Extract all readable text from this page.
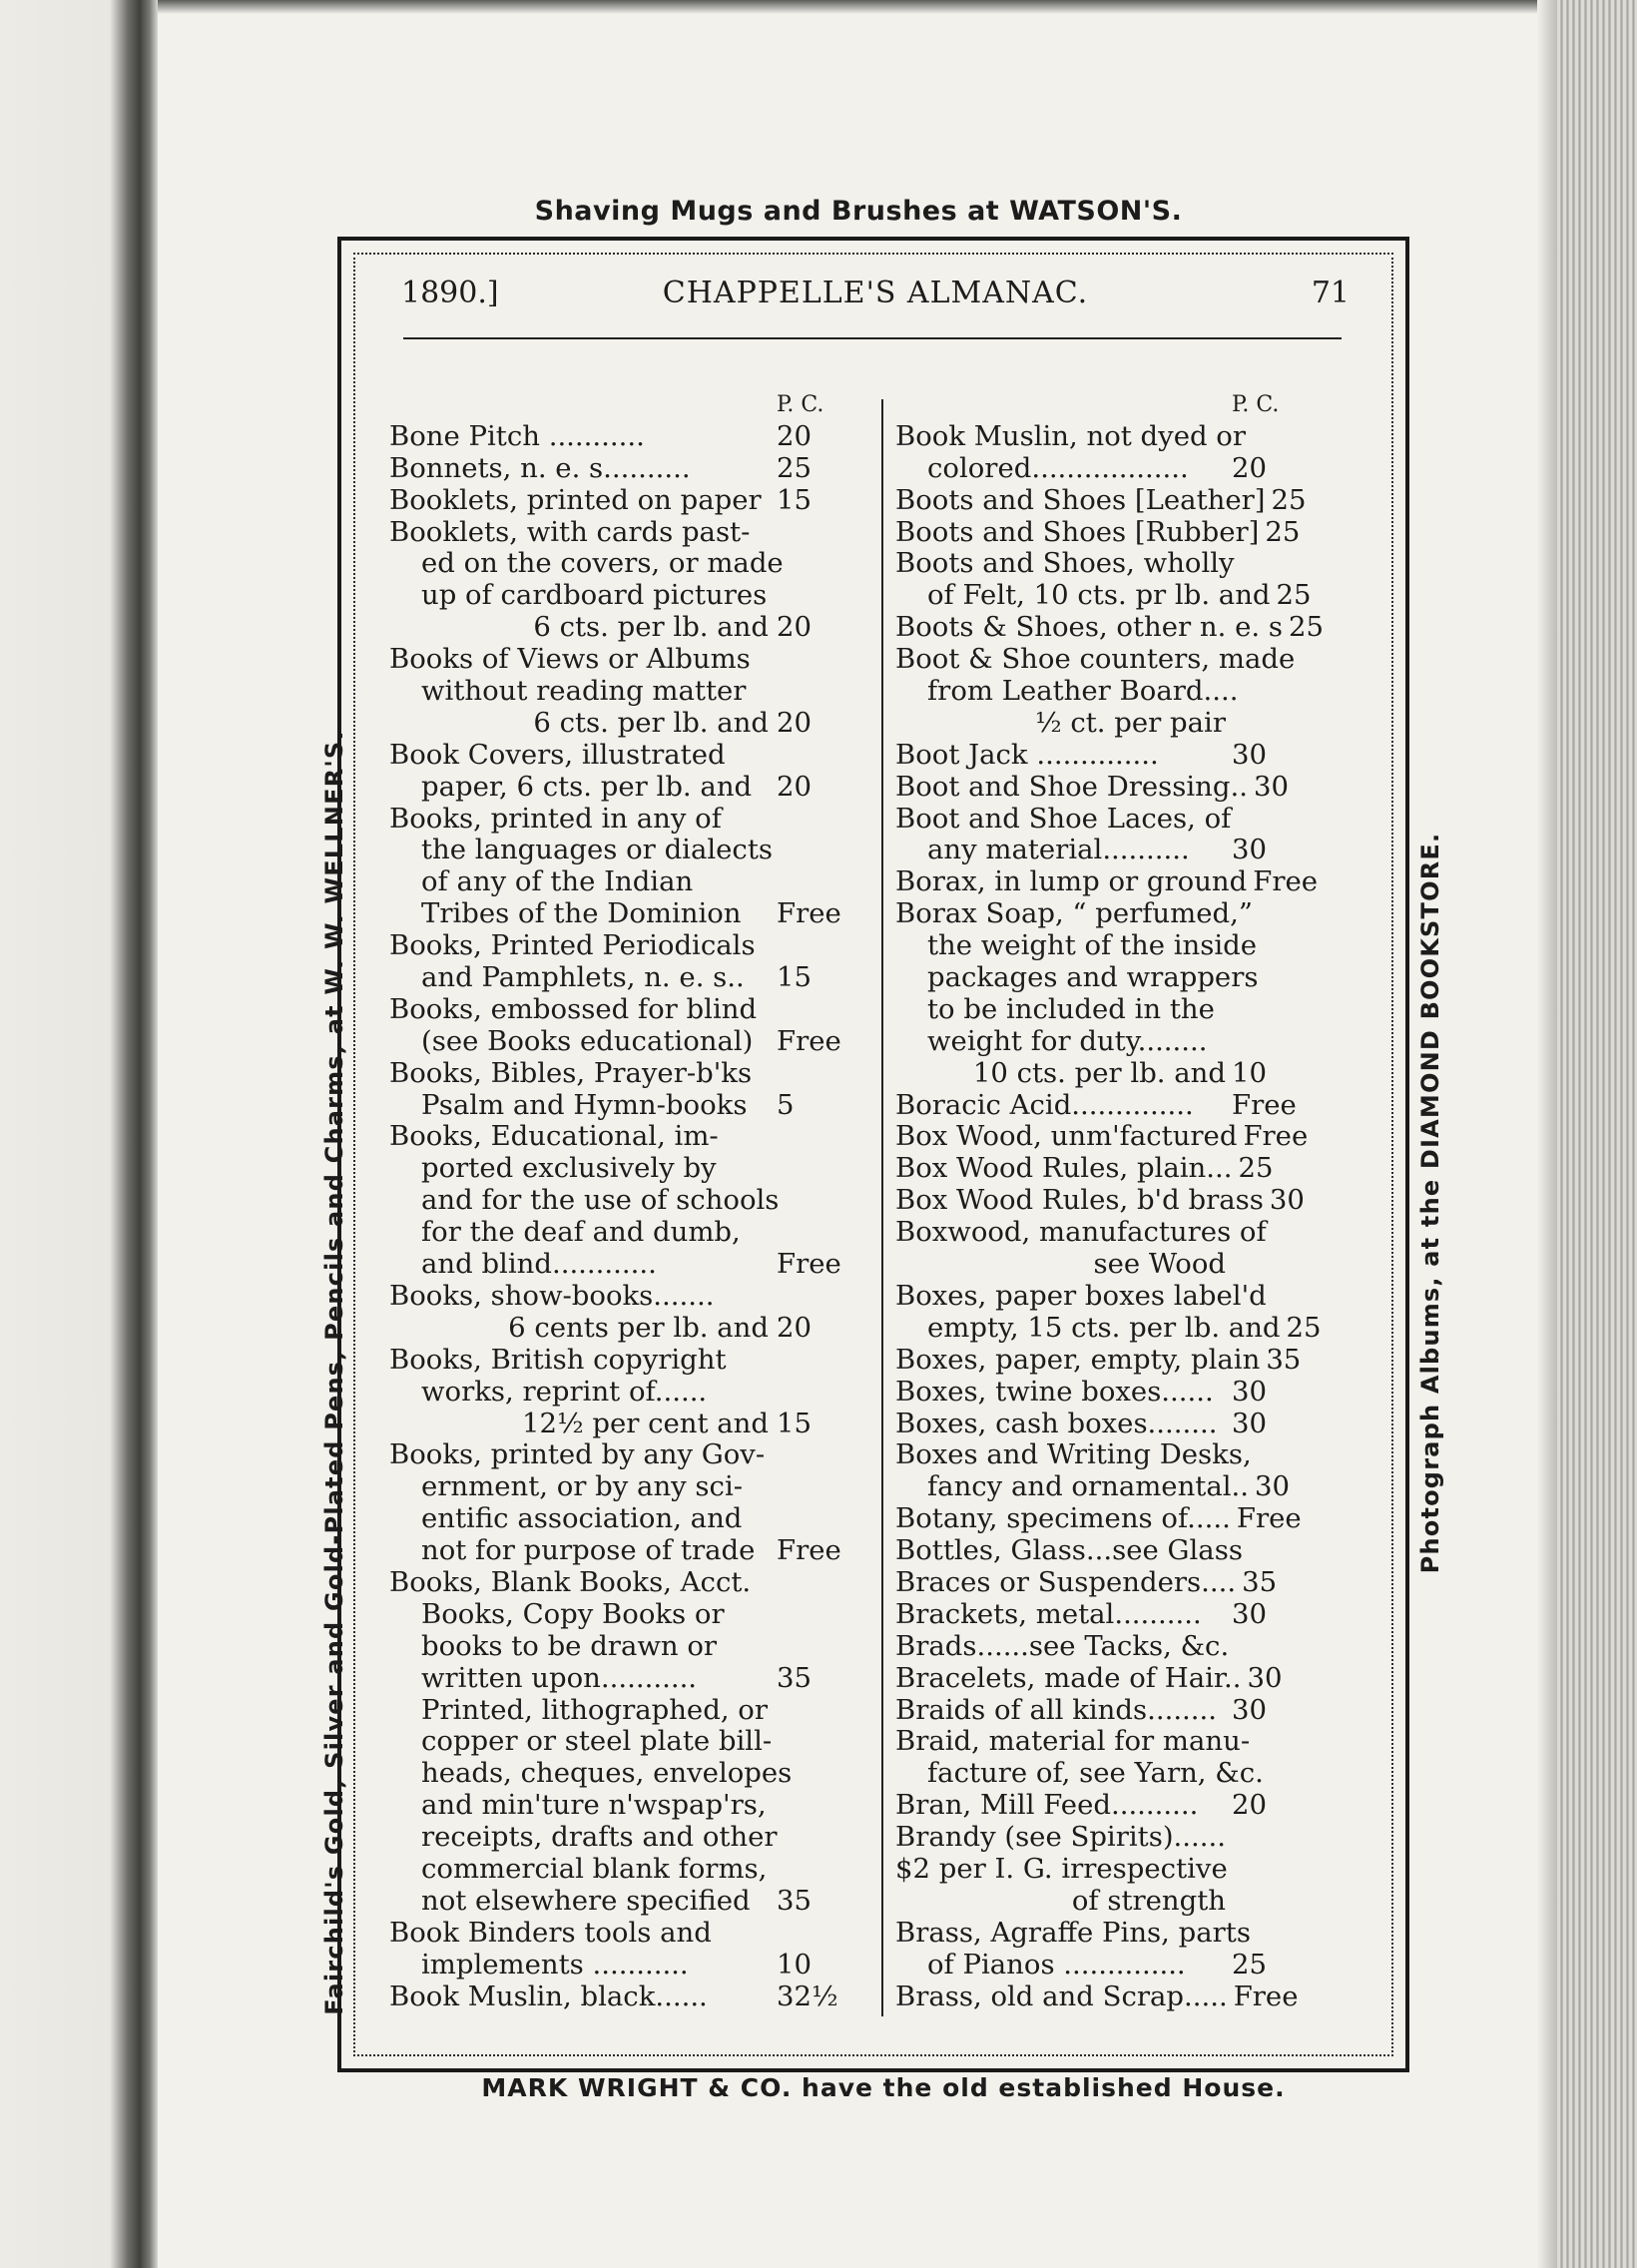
Shaving Mugs and Brushes at WATSON'S.
Fairchild's Gold, Silver and Gold-Plated Pens, Pencils and Charms, at W. W. WELLNER'S.	Photograph Albums, at the DIAMOND BOOKSTORE.
1890.]	CHAPPELLE'S ALMANAC.	71
P. C.
Bone Pitch ...........	20
Bonnets, n. e. s..........	25
Booklets, printed on paper 15
Booklets, with cards past-
ed on the covers, or made
up of cardboard pictures
6 cts. per lb. and 20
Books of Views or Albums
without reading matter
6 cts. per lb. and 20
Book Covers, illustrated
paper, 6 cts. per lb. and 20
Books, printed in any of
the languages or dialects
of any of the Indian
Tribes of the Dominion	Free
Books, Printed Periodicals
and Pamphlets, n. e. s..	15
Books, embossed for blind
(see Books educational) Free
Books, Bibles, Prayer-b'ks
Psalm and Hymn-books	5
Books, Educational, im-
ported exclusively by
and for the use of schools
for the deaf and dumb,
and blind............	Free
Books, show-books.......
6 cents per lb. and 20
Books, British copyright
works, reprint of......
12½ per cent and 15
Books, printed by any Gov-
ernment, or by any sci-
entific association, and
not for purpose of trade Free
Books, Blank Books, Acct.
Books, Copy Books or
books to be drawn or
written upon...........	35
Printed, lithographed, or
copper or steel plate bill-
heads, cheques, envelopes
and min'ture n'wspap'rs,
receipts, drafts and other
commercial blank forms,
not elsewhere specified 35
Book Binders tools and
implements ...........	10
Book Muslin, black......	32½
P. C.
Book Muslin, not dyed or
colored..................	20
Boots and Shoes [Leather] 25
Boots and Shoes [Rubber] 25
Boots and Shoes, wholly
of Felt, 10 cts. pr lb. and 25
Boots & Shoes, other n. e. s 25
Boot & Shoe counters, made
from Leather Board....
½ ct. per pair
Boot Jack ..............	30
Boot and Shoe Dressing.. 30
Boot and Shoe Laces, of
any material..........	30
Borax, in lump or ground Free
Borax Soap, “ perfumed,”
the weight of the inside
packages and wrappers
to be included in the
weight for duty........
10 cts. per lb. and 10
Boracic Acid..............	Free
Box Wood, unm'factured Free
Box Wood Rules, plain... 25
Box Wood Rules, b'd brass 30
Boxwood, manufactures of
see Wood
Boxes, paper boxes label'd
empty, 15 cts. per lb. and 25
Boxes, paper, empty, plain 35
Boxes, twine boxes...... 30
Boxes, cash boxes........ 30
Boxes and Writing Desks,
fancy and ornamental.. 30
Botany, specimens of..... Free
Bottles, Glass...see Glass
Braces or Suspenders.... 35
Brackets, metal..........	30
Brads......see Tacks, &c.
Bracelets, made of Hair.. 30
Braids of all kinds........ 30
Braid, material for manu-
facture of, see Yarn, &c.
Bran, Mill Feed..........	20
Brandy (see Spirits)......
$2 per I. G. irrespective
of strength
Brass, Agraffe Pins, parts
of Pianos ..............	25
Brass, old and Scrap..... Free
MARK WRIGHT & CO. have the old established House.
